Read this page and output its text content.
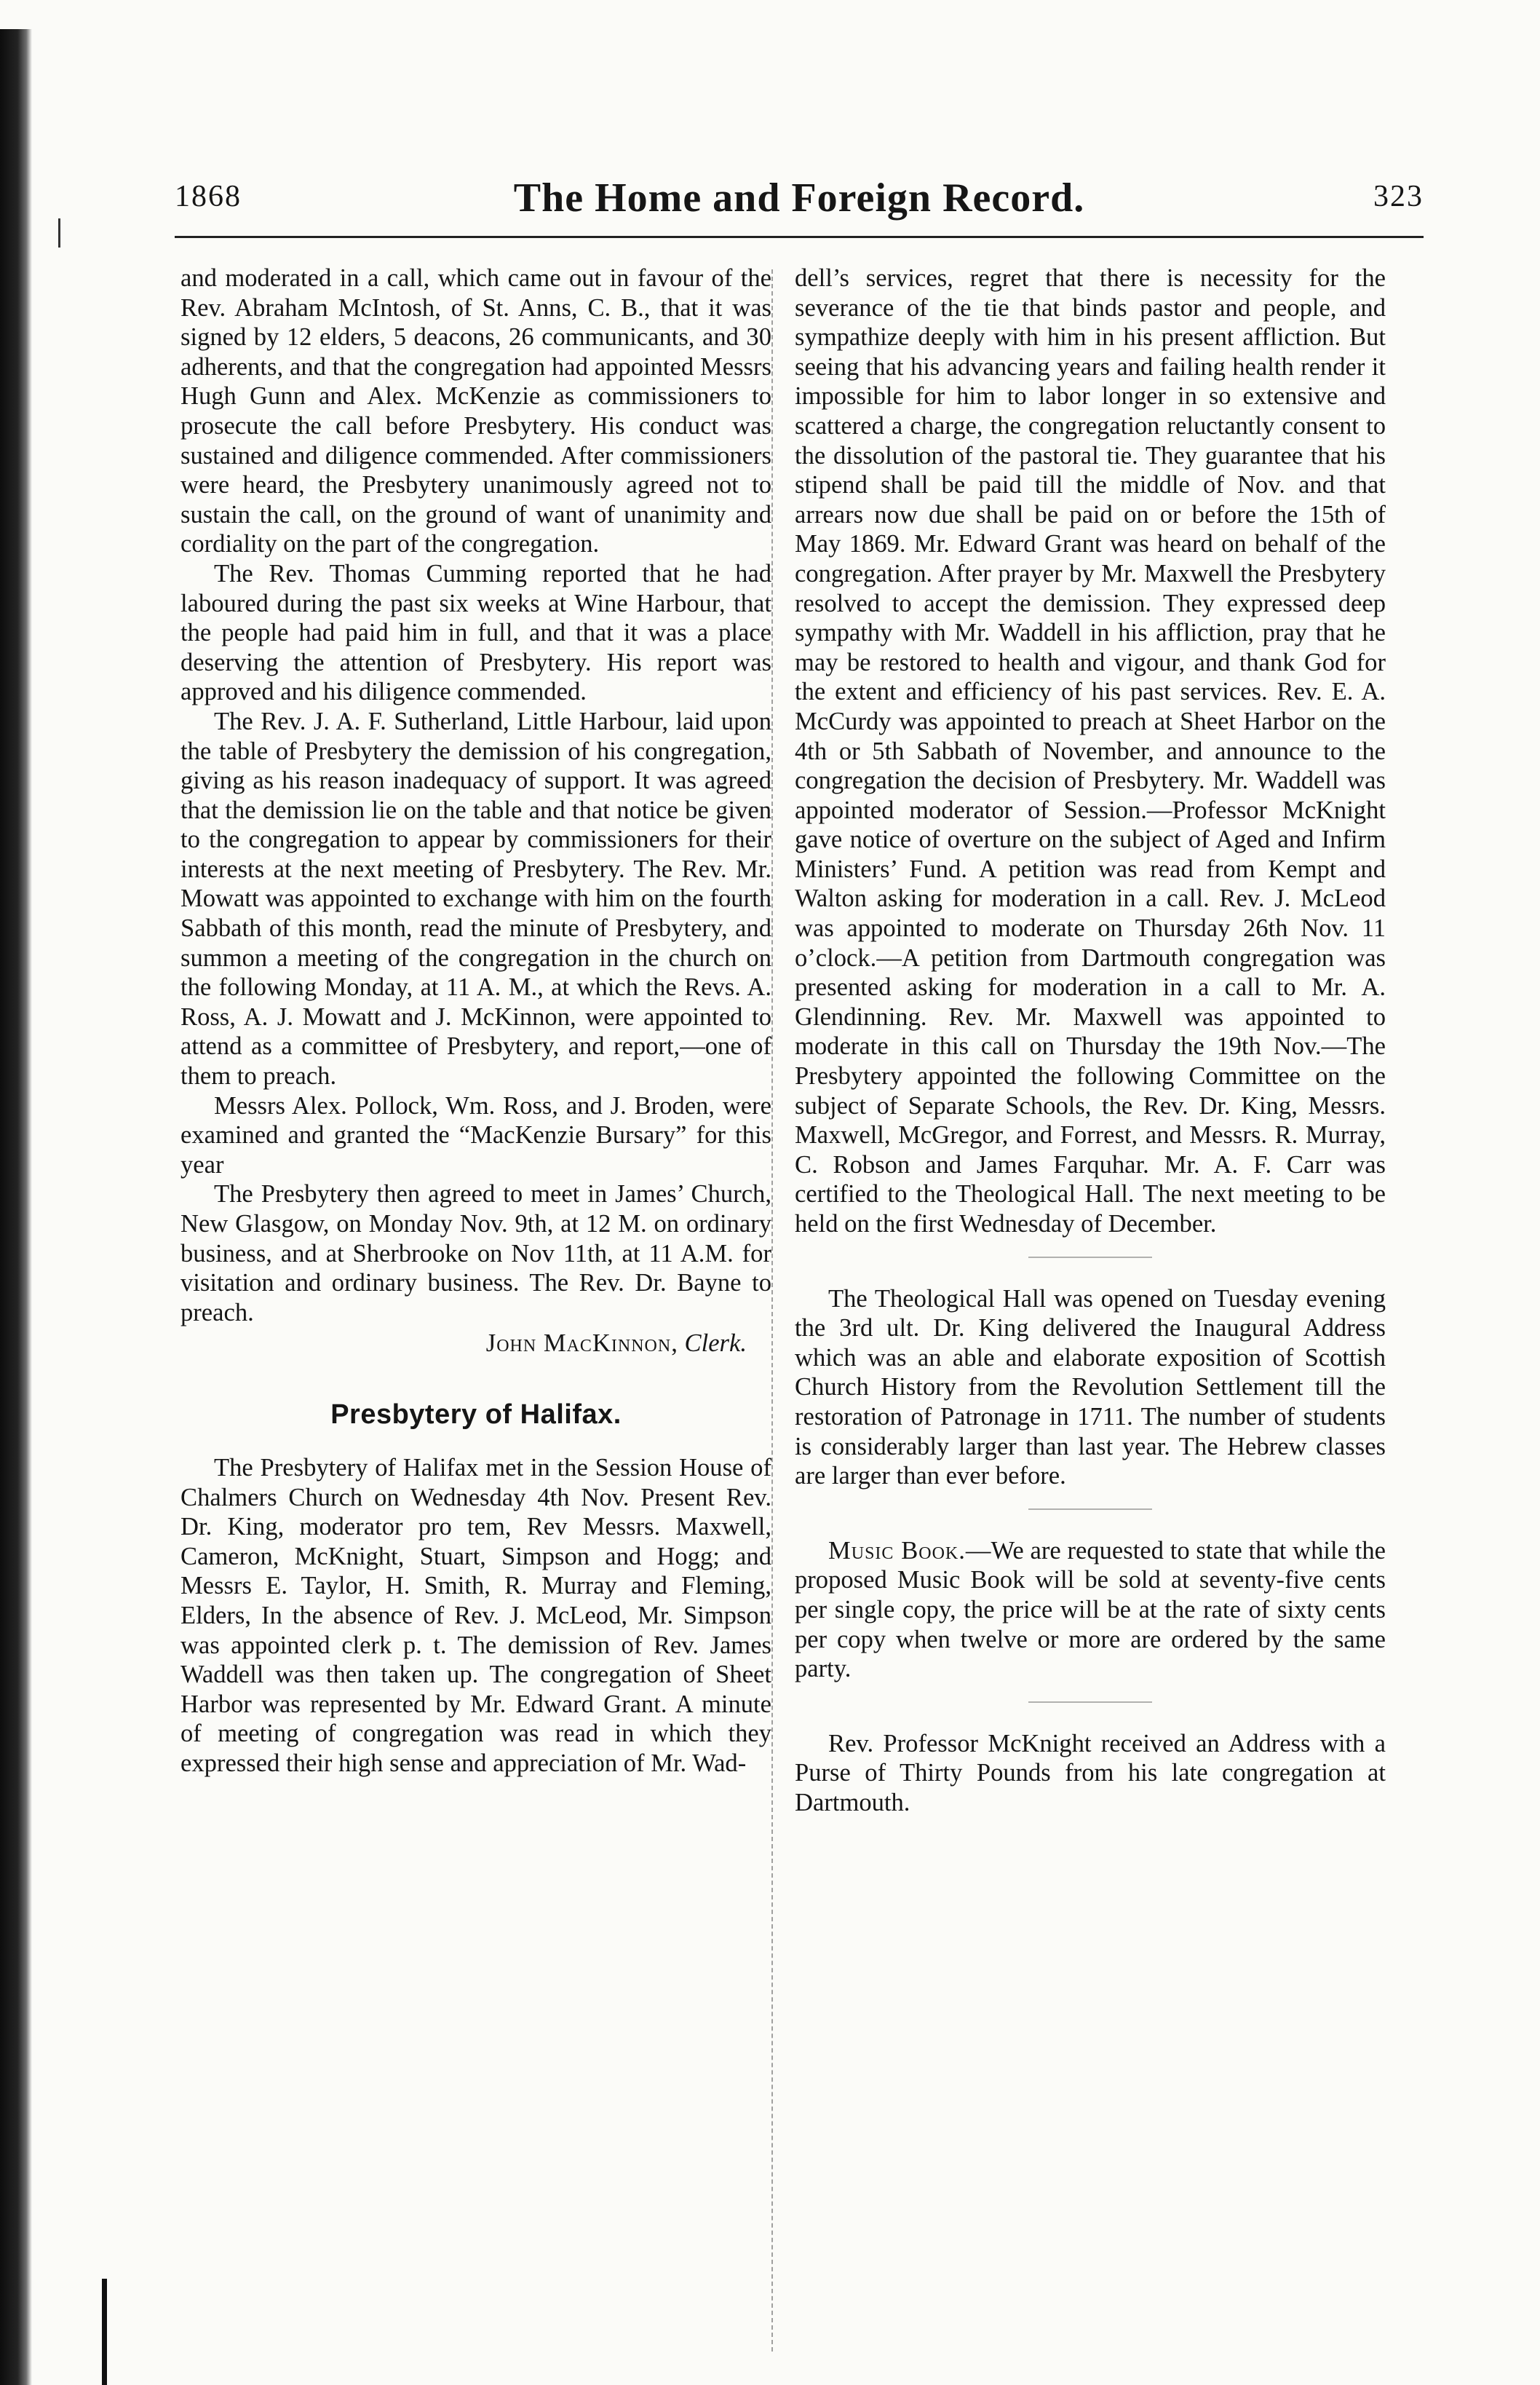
1868	The Home and Foreign Record.	323

and moderated in a call, which came out in favour of the Rev. Abraham McIntosh, of St. Anns, C. B., that it was signed by 12 elders, 5 deacons, 26 communicants, and 30 adherents, and that the congregation had appointed Messrs Hugh Gunn and Alex. McKenzie as commissioners to prosecute the call before Presbytery. His conduct was sustained and diligence commended. After commissioners were heard, the Presbytery unanimously agreed not to sustain the call, on the ground of want of unanimity and cordiality on the part of the congregation.

The Rev. Thomas Cumming reported that he had laboured during the past six weeks at Wine Harbour, that the people had paid him in full, and that it was a place deserving the attention of Presbytery. His report was approved and his diligence commended.

The Rev. J. A. F. Sutherland, Little Harbour, laid upon the table of Presbytery the demission of his congregation, giving as his reason inadequacy of support. It was agreed that the demission lie on the table and that notice be given to the congregation to appear by commissioners for their interests at the next meeting of Presbytery. The Rev. Mr. Mowatt was appointed to exchange with him on the fourth Sabbath of this month, read the minute of Presbytery, and summon a meeting of the congregation in the church on the following Monday, at 11 A. M., at which the Revs. A. Ross, A. J. Mowatt and J. McKinnon, were appointed to attend as a committee of Presbytery, and report,—one of them to preach.

Messrs Alex. Pollock, Wm. Ross, and J. Broden, were examined and granted the “MacKenzie Bursary” for this year

The Presbytery then agreed to meet in James’ Church, New Glasgow, on Monday Nov. 9th, at 12 M. on ordinary business, and at Sherbrooke on Nov 11th, at 11 A.M. for visitation and ordinary business. The Rev. Dr. Bayne to preach.

John MacKinnon, Clerk.
Presbytery of Halifax.

The Presbytery of Halifax met in the Session House of Chalmers Church on Wednesday 4th Nov. Present Rev. Dr. King, moderator pro tem, Rev Messrs. Maxwell, Cameron, McKnight, Stuart, Simpson and Hogg; and Messrs E. Taylor, H. Smith, R. Murray and Fleming, Elders, In the absence of Rev. J. McLeod, Mr. Simpson was appointed clerk p. t. The demission of Rev. James Waddell was then taken up. The congregation of Sheet Harbor was represented by Mr. Edward Grant. A minute of meeting of congregation was read in which they expressed their high sense and appreciation of Mr. Wad-

dell’s services, regret that there is necessity for the severance of the tie that binds pastor and people, and sympathize deeply with him in his present affliction. But seeing that his advancing years and failing health render it impossible for him to labor longer in so extensive and scattered a charge, the congregation reluctantly consent to the dissolution of the pastoral tie. They guarantee that his stipend shall be paid till the middle of Nov. and that arrears now due shall be paid on or before the 15th of May 1869. Mr. Edward Grant was heard on behalf of the congregation. After prayer by Mr. Maxwell the Presbytery resolved to accept the demission. They expressed deep sympathy with Mr. Waddell in his affliction, pray that he may be restored to health and vigour, and thank God for the extent and efficiency of his past services. Rev. E. A. McCurdy was appointed to preach at Sheet Harbor on the 4th or 5th Sabbath of November, and announce to the congregation the decision of Presbytery. Mr. Waddell was appointed moderator of Session.—Professor McKnight gave notice of overture on the subject of Aged and Infirm Ministers’ Fund. A petition was read from Kempt and Walton asking for moderation in a call. Rev. J. McLeod was appointed to moderate on Thursday 26th Nov. 11 o’clock.—A petition from Dartmouth congregation was presented asking for moderation in a call to Mr. A. Glendinning. Rev. Mr. Maxwell was appointed to moderate in this call on Thursday the 19th Nov.—The Presbytery appointed the following Committee on the subject of Separate Schools, the Rev. Dr. King, Messrs. Maxwell, McGregor, and Forrest, and Messrs. R. Murray, C. Robson and James Farquhar. Mr. A. F. Carr was certified to the Theological Hall. The next meeting to be held on the first Wednesday of December.

The Theological Hall was opened on Tuesday evening the 3rd ult. Dr. King delivered the Inaugural Address which was an able and elaborate exposition of Scottish Church History from the Revolution Settlement till the restoration of Patronage in 1711. The number of students is considerably larger than last year. The Hebrew classes are larger than ever before.

Music Book.—We are requested to state that while the proposed Music Book will be sold at seventy-five cents per single copy, the price will be at the rate of sixty cents per copy when twelve or more are ordered by the same party.

Rev. Professor McKnight received an Address with a Purse of Thirty Pounds from his late congregation at Dartmouth.
